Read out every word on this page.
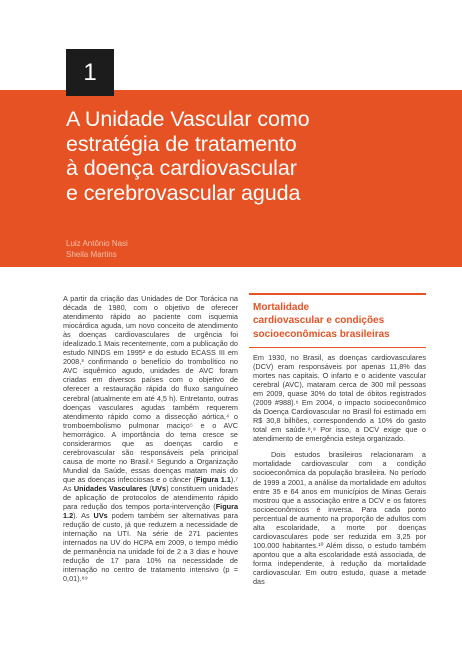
1
A Unidade Vascular como
estratégia de tratamento
à doença cardiovascular
e cerebrovascular aguda
Luiz Antônio Nasi
Sheila Martins
A partir da criação das Unidades de Dor Torácica na década de 1980, com o objetivo de oferecer atendimento rápido ao paciente com isquemia miocárdica aguda, um novo conceito de atendimento às doenças cardiovasculares de urgência foi idealizado.1 Mais recentemente, com a publicação do estudo NINDS em 1995² e do estudo ECASS III em 2008,³ confirmando o benefício do trombolítico no AVC isquêmico agudo, unidades de AVC foram criadas em diversos países com o objetivo de oferecer a restauração rápida do fluxo sanguíneo cerebral (atualmente em até 4,5 h). Entretanto, outras doenças vasculares agudas também requerem atendimento rápido como a dissecção aórtica,⁴ o tromboembolismo pulmonar maciço⁵ e o AVC hemorrágico. A importância do tema cresce se considerarmos que as doenças cardio e cerebrovascular são responsáveis pela principal causa de morte no Brasil.⁶ Segundo a Organização Mundial da Saúde, essas doenças matam mais do que as doenças infecciosas e o câncer (Figura 1.1).⁷ As Unidades Vasculares (UVs) constituem unidades de aplicação de protocolos de atendimento rápido para redução dos tempos porta-intervenção (Figura 1.2). As UVs podem também ser alternativas para redução de custo, já que reduzem a necessidade de internação na UTI. Na série de 271 pacientes internados na UV do HCPA em 2009, o tempo médio de permanência na unidade foi de 2 a 3 dias e houve redução de 17 para 10% na necessidade de internação no centro de tratamento intensivo (p = 0,01).⁸⁹
Mortalidade
cardiovascular e condições
socioeconômicas brasileiras

Em 1930, no Brasil, as doenças cardiovasculares (DCV) eram responsáveis por apenas 11,8% das mortes nas capitais. O infarto e o acidente vascular cerebral (AVC), mataram cerca de 300 mil pessoas em 2009, quase 30% do total de óbitos registrados (2009 #988).⁶ Em 2004, o impacto socioeconômico da Doença Cardiovascular no Brasil foi estimado em R$ 30,8 bilhões, correspondendo a 10% do gasto total em saúde.⁸,⁹ Por isso, a DCV exige que o atendimento de emergência esteja organizado.

Dois estudos brasileiros relacionaram a mortalidade cardiovascular com a condição socioeconômica da população brasileira. No período de 1999 a 2001, a análise da mortalidade em adultos entre 35 e 64 anos em municípios de Minas Gerais mostrou que a associação entre a DCV e os fatores socioeconômicos é inversa. Para cada ponto percentual de aumento na proporção de adultos com alta escolaridade, a morte por doenças cardiovasculares pode ser reduzida em 3,25 por 100.000 habitantes.¹⁰ Além disso, o estudo também apontou que a alta escolaridade está associada, de forma independente, à redução da mortalidade cardiovascular. Em outro estudo, quase a metade das
